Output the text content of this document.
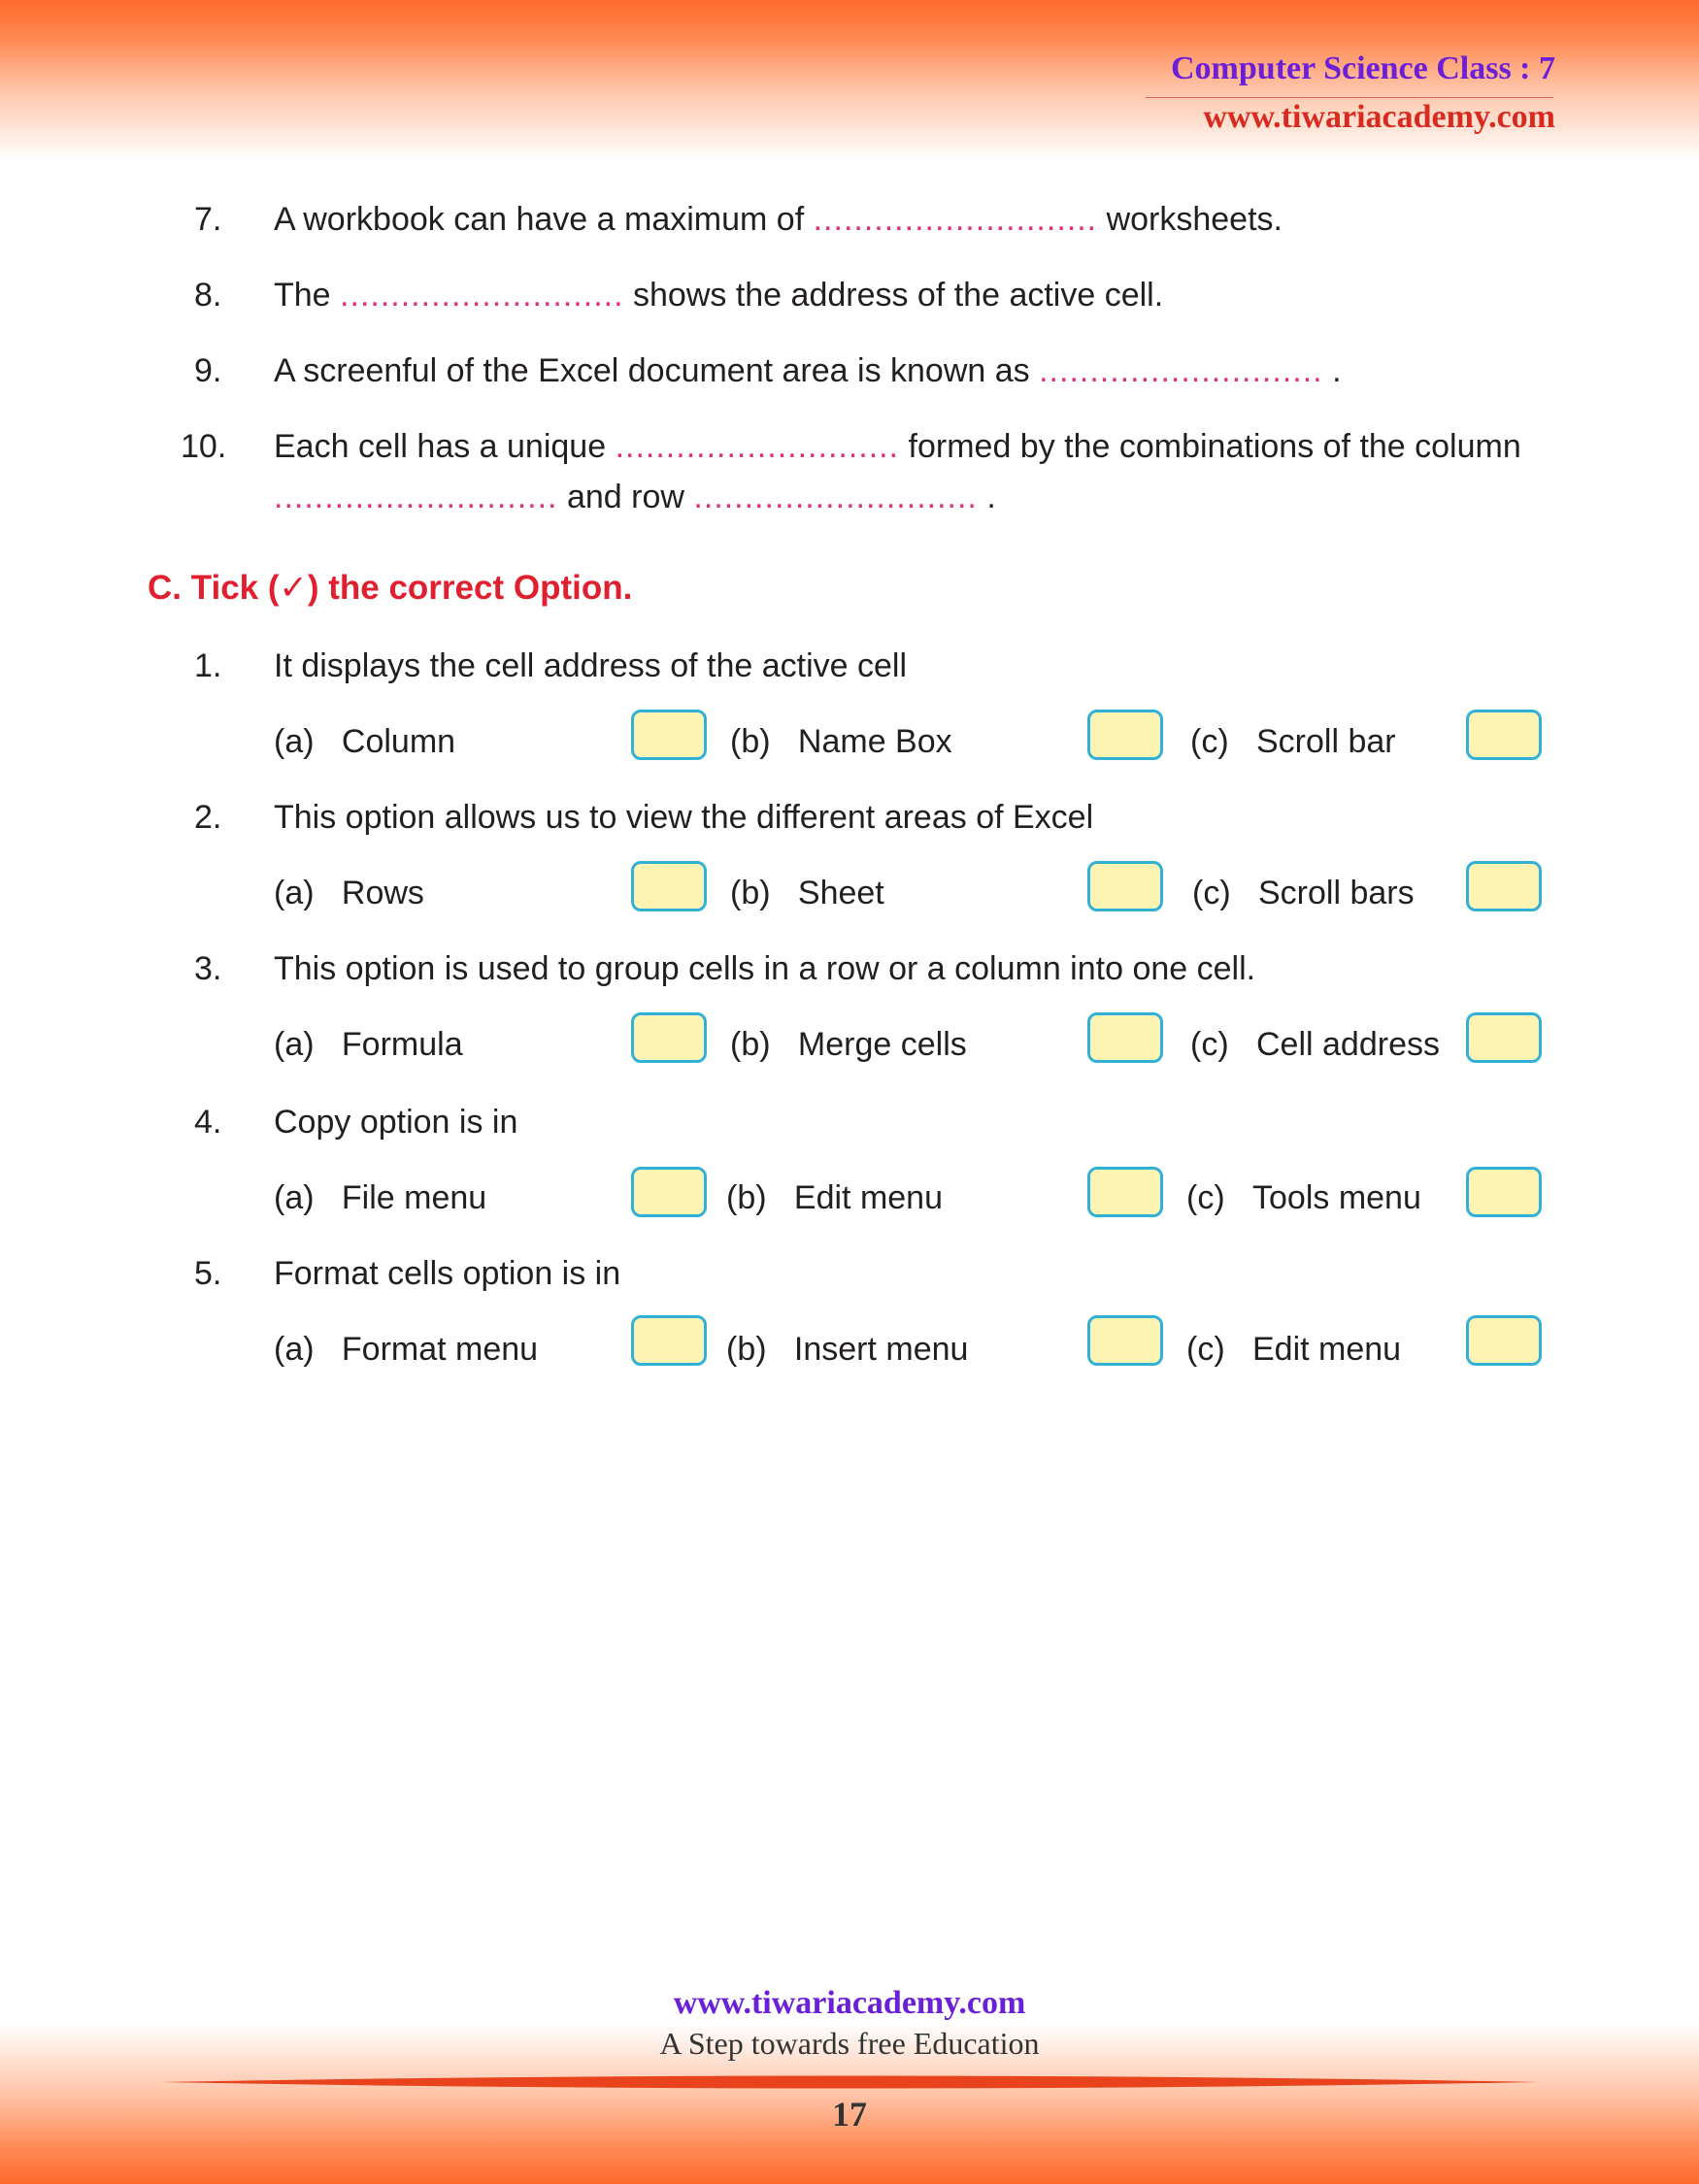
Computer Science Class : 7
www.tiwariacademy.com
7. A workbook can have a maximum of ............................ worksheets.
8. The ............................ shows the address of the active cell.
9. A screenful of the Excel document area is known as ............................ .
10. Each cell has a unique ............................ formed by the combinations of the column
............................ and row ............................ .
C. Tick (✓) the correct Option.
1. It displays the cell address of the active cell
(a) Column	(b) Name Box	(c) Scroll bar
2. This option allows us to view the different areas of Excel
(a) Rows	(b) Sheet	(c) Scroll bars
3. This option is used to group cells in a row or a column into one cell.
(a) Formula	(b) Merge cells	(c) Cell address
4. Copy option is in
(a) File menu	(b) Edit menu	(c) Tools menu
5. Format cells option is in
(a) Format menu	(b) Insert menu	(c) Edit menu
www.tiwariacademy.com
A Step towards free Education
17
